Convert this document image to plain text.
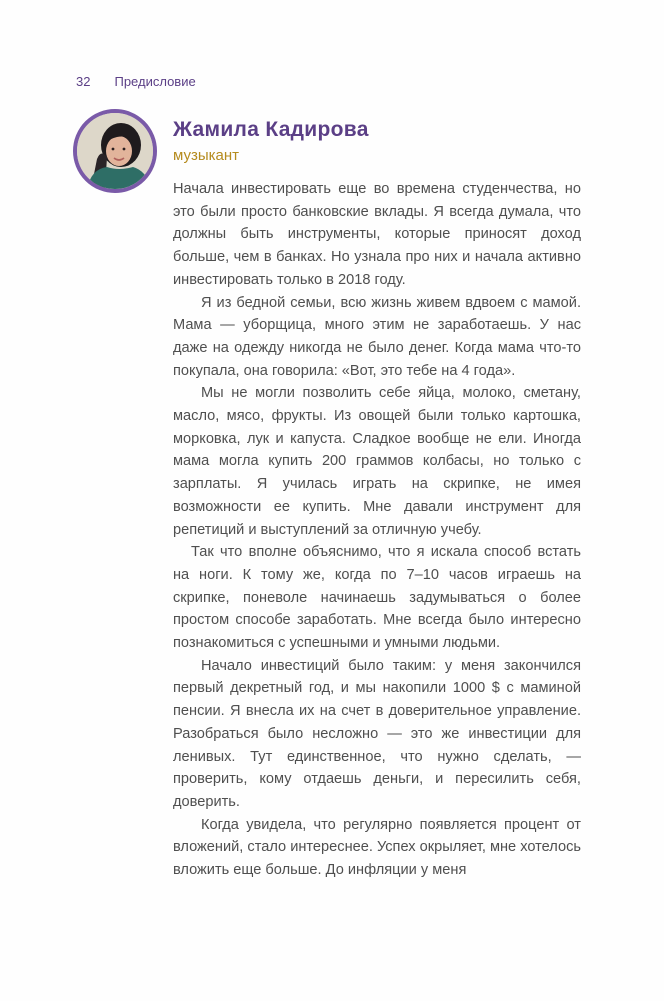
32 Предисловие
Жамила Кадирова
музыкант

Начала инвестировать еще во времена студенчества, но это были просто банковские вклады. Я всегда думала, что должны быть инструменты, которые приносят доход больше, чем в банках. Но узнала про них и начала активно инвестировать только в 2018 году.

Я из бедной семьи, всю жизнь живем вдвоем с мамой. Мама — уборщица, много этим не заработаешь. У нас даже на одежду никогда не было денег. Когда мама что-то покупала, она говорила: «Вот, это тебе на 4 года».

Мы не могли позволить себе яйца, молоко, сметану, масло, мясо, фрукты. Из овощей были только картошка, морковка, лук и капуста. Сладкое вообще не ели. Иногда мама могла купить 200 граммов колбасы, но только с зарплаты. Я училась играть на скрипке, не имея возможности ее купить. Мне давали инструмент для репетиций и выступлений за отличную учебу.

Так что вполне объяснимо, что я искала способ встать на ноги. К тому же, когда по 7–10 часов играешь на скрипке, поневоле начинаешь задумываться о более простом способе заработать. Мне всегда было интересно познакомиться с успешными и умными людьми.

Начало инвестиций было таким: у меня закончился первый декретный год, и мы накопили 1000 $ с маминой пенсии. Я внесла их на счет в доверительное управление. Разобраться было несложно — это же инвестиции для ленивых. Тут единственное, что нужно сделать, — проверить, кому отдаешь деньги, и пересилить себя, доверить.

Когда увидела, что регулярно появляется процент от вложений, стало интереснее. Успех окрыляет, мне хотелось вложить еще больше. До инфляции у меня
